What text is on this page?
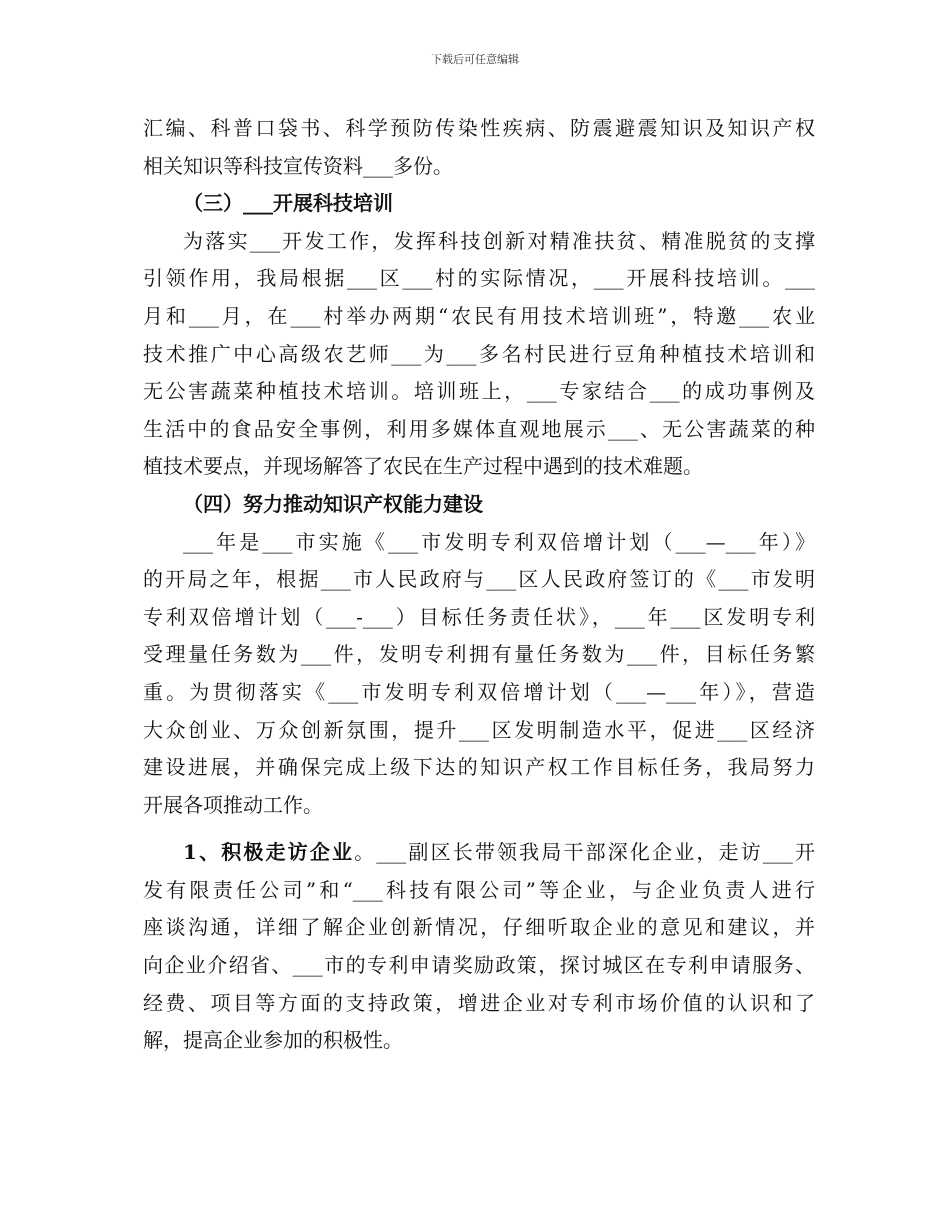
下载后可任意编辑
汇编、科普口袋书、科学预防传染性疾病、防震避震知识及知识产权
相关知识等科技宣传资料___多份。
（三）___开展科技培训
为落实___开发工作，发挥科技创新对精准扶贫、精准脱贫的支撑
引领作用，我局根据___区___村的实际情况，___开展科技培训。___
月和___月，在___村举办两期“农民有用技术培训班”，特邀___农业
技术推广中心高级农艺师___为___多名村民进行豆角种植技术培训和
无公害蔬菜种植技术培训。培训班上，___专家结合___的成功事例及
生活中的食品安全事例，利用多媒体直观地展示___、无公害蔬菜的种
植技术要点，并现场解答了农民在生产过程中遇到的技术难题。
（四）努力推动知识产权能力建设
___年是___市实施《___市发明专利双倍增计划（___—___年）》
的开局之年，根据___市人民政府与___区人民政府签订的《___市发明
专利双倍增计划（___-___）目标任务责任状》，___年___区发明专利
受理量任务数为___件，发明专利拥有量任务数为___件，目标任务繁
重。为贯彻落实《___市发明专利双倍增计划（___—___年）》，营造
大众创业、万众创新氛围，提升___区发明制造水平，促进___区经济
建设进展，并确保完成上级下达的知识产权工作目标任务，我局努力
开展各项推动工作。
1、积极走访企业。___副区长带领我局干部深化企业，走访___开
发有限责任公司”和“___科技有限公司”等企业，与企业负责人进行
座谈沟通，详细了解企业创新情况，仔细听取企业的意见和建议，并
向企业介绍省、___市的专利申请奖励政策，探讨城区在专利申请服务、
经费、项目等方面的支持政策，增进企业对专利市场价值的认识和了
解，提高企业参加的积极性。
